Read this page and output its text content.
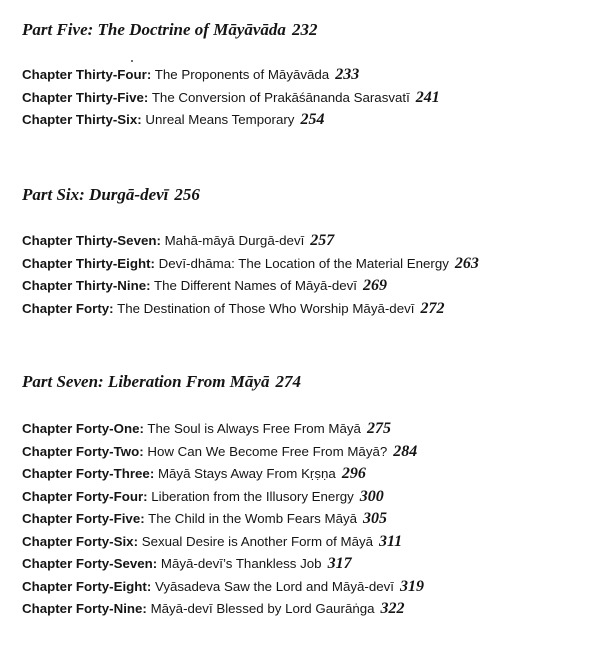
Part Five: The Doctrine of Māyāvāda 232
Chapter Thirty-Four: The Proponents of Māyāvāda 233
Chapter Thirty-Five: The Conversion of Prakāśānanda Sarasvatī 241
Chapter Thirty-Six: Unreal Means Temporary 254
Part Six: Durgā-devī 256
Chapter Thirty-Seven: Mahā-māyā Durgā-devī 257
Chapter Thirty-Eight: Devī-dhāma: The Location of the Material Energy 263
Chapter Thirty-Nine: The Different Names of Māyā-devī 269
Chapter Forty: The Destination of Those Who Worship Māyā-devī 272
Part Seven: Liberation From Māyā 274
Chapter Forty-One: The Soul is Always Free From Māyā 275
Chapter Forty-Two: How Can We Become Free From Māyā? 284
Chapter Forty-Three: Māyā Stays Away From Kṛṣṇa 296
Chapter Forty-Four: Liberation from the Illusory Energy 300
Chapter Forty-Five: The Child in the Womb Fears Māyā 305
Chapter Forty-Six: Sexual Desire is Another Form of Māyā 311
Chapter Forty-Seven: Māyā-devī’s Thankless Job 317
Chapter Forty-Eight: Vyāsadeva Saw the Lord and Māyā-devī 319
Chapter Forty-Nine: Māyā-devī Blessed by Lord Gaurāṅga 322
